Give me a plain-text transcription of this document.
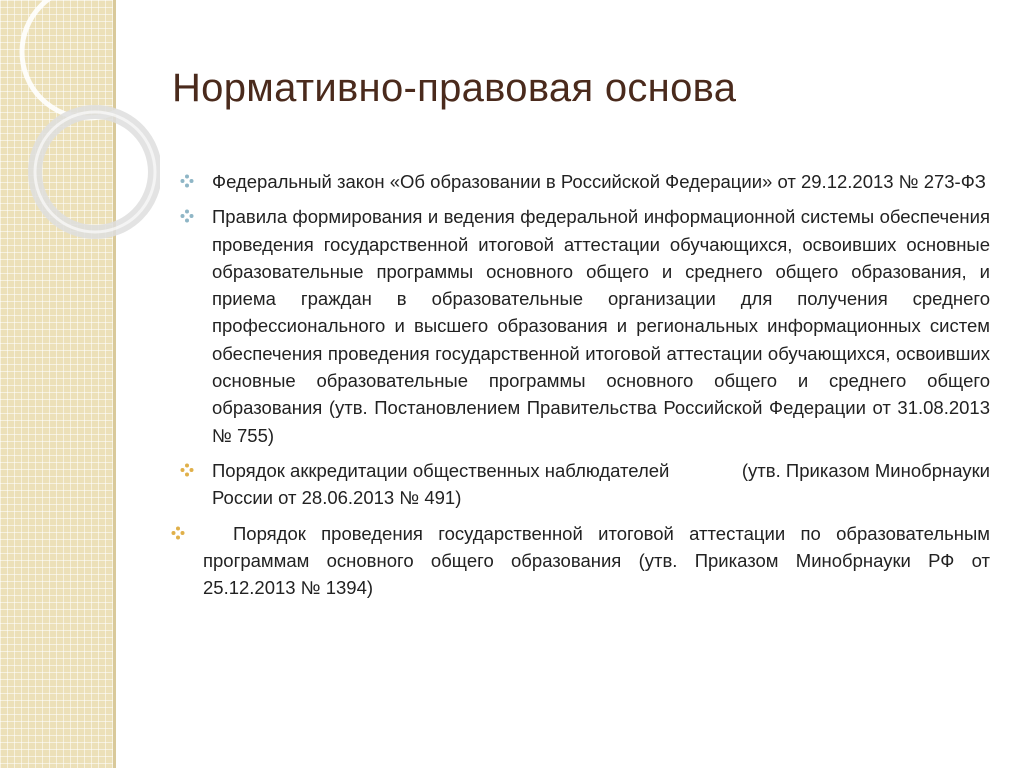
Нормативно-правовая основа
Федеральный закон «Об образовании в Российской Федерации» от 29.12.2013 № 273-ФЗ
Правила формирования и ведения федеральной информационной системы обеспечения проведения государственной итоговой аттестации обучающихся, освоивших основные образовательные программы основного общего и среднего общего образования, и приема граждан в образовательные организации для получения среднего профессионального и высшего образования и региональных информационных систем обеспечения проведения государственной итоговой аттестации обучающихся, освоивших основные образовательные программы основного общего и среднего общего образования (утв. Постановлением Правительства Российской Федерации от 31.08.2013 № 755)
Порядок аккредитации общественных наблюдателей              (утв. Приказом Минобрнауки России от 28.06.2013 № 491)
Порядок проведения государственной итоговой аттестации по образовательным программам основного общего образования (утв. Приказом Минобрнауки РФ от 25.12.2013 № 1394)
